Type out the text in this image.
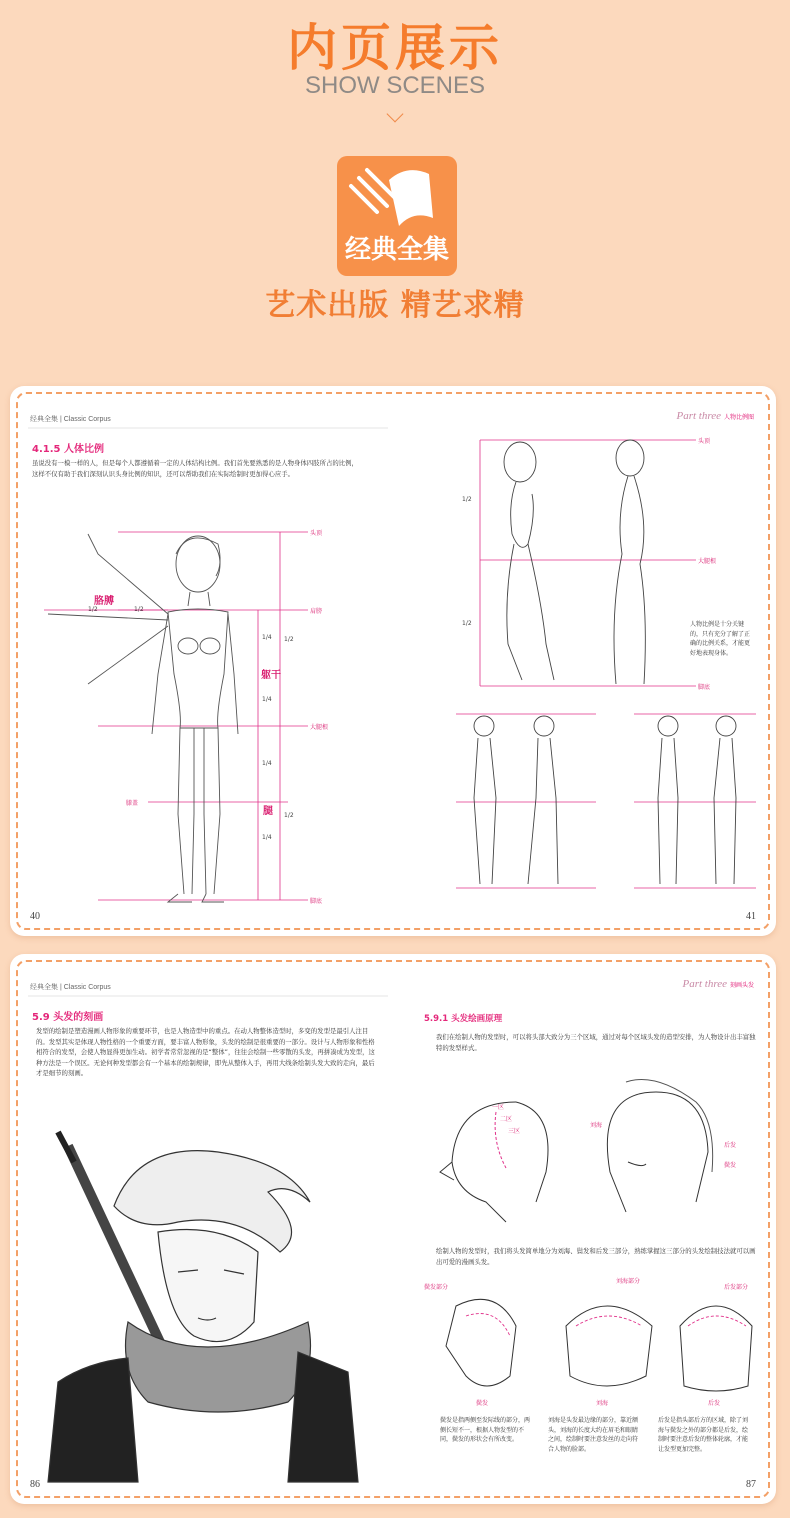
内页展示
SHOW SCENES
经典全集
艺术出版 精艺求精
经典全集 | Classic Corpus
4.1.5 人体比例
虽说没有一模一样的人，但是每个人都遵循着一定的人体结构比例。我们首先要熟悉的是人物身体四肢所占的比例，这样不仅有助于我们深刻认识头身比例的知识，还可以帮助我们在实际绘制时更加得心应手。
头顶
肩膀
大腿根
膝盖
脚底
胳膊
1/2	1/2
躯干
腿
1/4
1/4
1/4
1/4
1/2
1/2
40
Part three 人物比例图
头顶
大腿根
脚底
1/2
1/2	人物比例是十分关键的，只有充分了解了正确的比例关系，才能更好地表现身体。
41
经典全集 | Classic Corpus
5.9 头发的刻画
发型的绘制是塑造漫画人物形象的重要环节，也是人物造型中的重点。在动人物整体造型时，多变的发型是最引人注目的。发型其实是体现人物性格的一个重要方面，要丰富人物形象，头发的绘制是很重要的一部分。设计与人物形象和性格相符合的发型，会使人物显得更加生动。初学者常常忽视的是“整体”，往往会绘制一些零散的头发，再拼凑成为发型，这种方法是一个误区。无论何种发型都会有一个基本的绘制规律，即先从整体入手，再用大线条绘制头发大致的走向，最后才是细节的刻画。
86
Part three 刻画头发
5.9.1 头发绘画原理
我们在绘制人物的发型时，可以将头部大致分为三个区域，通过对每个区域头发的造型安排，为人物设计出丰富独特的发型样式。
一区
二区
三区
刘海
后发
鬓发
绘制人物的发型时，我们将头发简单地分为刘海、鬓发和后发三部分，熟练掌握这三部分的头发绘制技法就可以画出可爱的漫画头发。
鬓发部分
刘海部分
后发部分
鬓发	刘海	后发
鬓发是指两侧至发际线的部分，两侧长短不一，根据人物发型的不同，鬓发的形状会有所改变。
刘海是头发最边缘的部分，靠近额头，刘海的长度大约在眉毛和眼睛之间，绘制时要注意发丝的走向符合人物的脸部。
后发是指头部后方的区域，除了刘海与鬓发之外的部分都是后发，绘制时要注意后发的整体轮廓，才能让发型更加完整。
87
